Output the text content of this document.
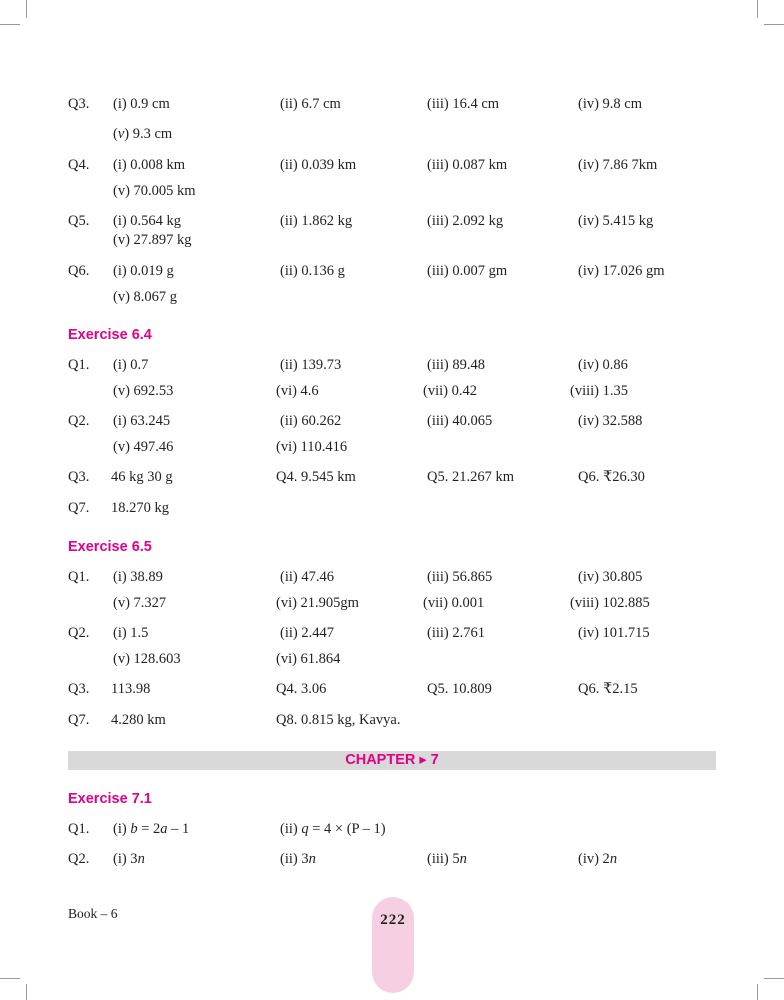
Q3. (i) 0.9 cm	(ii) 6.7 cm	(iii) 16.4 cm	(iv) 9.8 cm
(v) 9.3 cm
Q4. (i) 0.008 km	(ii) 0.039 km	(iii) 0.087 km	(iv) 7.86 7km
(v) 70.005 km
Q5. (i) 0.564 kg	(ii) 1.862 kg	(iii) 2.092 kg	(iv) 5.415 kg
(v) 27.897 kg
Q6. (i) 0.019 g	(ii) 0.136 g	(iii) 0.007 gm	(iv) 17.026 gm
(v) 8.067 g
Exercise 6.4
Q1. (i) 0.7	(ii) 139.73	(iii) 89.48	(iv) 0.86
(v) 692.53	(vi) 4.6	(vii) 0.42	(viii) 1.35
Q2. (i) 63.245	(ii) 60.262	(iii) 40.065	(iv) 32.588
(v) 497.46	(vi) 110.416
Q3. 46 kg 30 g	Q4. 9.545 km	Q5. 21.267 km	Q6. ₹26.30
Q7. 18.270 kg
Exercise 6.5
Q1. (i) 38.89	(ii) 47.46	(iii) 56.865	(iv) 30.805
(v) 7.327	(vi) 21.905gm	(vii) 0.001	(viii) 102.885
Q2. (i) 1.5	(ii) 2.447	(iii) 2.761	(iv) 101.715
(v) 128.603	(vi) 61.864
Q3. 113.98	Q4. 3.06	Q5. 10.809	Q6. ₹2.15
Q7. 4.280 km	Q8. 0.815 kg, Kavya.
CHAPTER ▸ 7
Exercise 7.1
Q1. (i) b = 2a – 1	(ii) q = 4 × (P – 1)
Q2. (i) 3n	(ii) 3n	(iii) 5n	(iv) 2n
Book – 6	222
